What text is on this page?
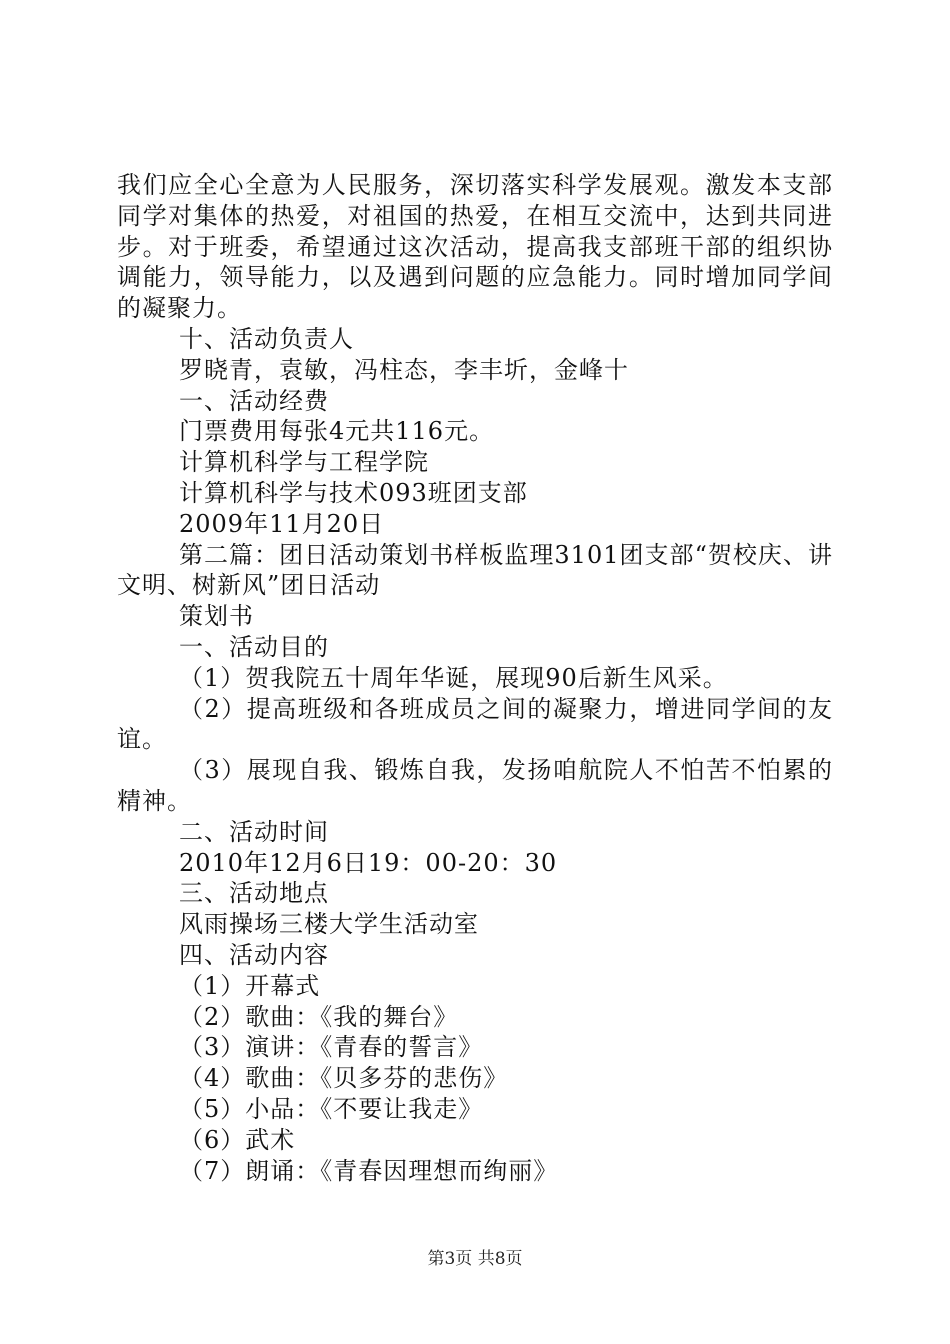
我们应全心全意为人民服务，深切落实科学发展观。激发本支部同学对集体的热爱，对祖国的热爱，在相互交流中，达到共同进步。对于班委，希望通过这次活动，提高我支部班干部的组织协调能力，领导能力，以及遇到问题的应急能力。同时增加同学间的凝聚力。

十、活动负责人

罗晓青，袁敏，冯柱态，李丰圻，金峰十

一、活动经费

门票费用每张4元共116元。

计算机科学与工程学院

计算机科学与技术093班团支部

2009年11月20日

第二篇：团日活动策划书样板监理3101团支部“贺校庆、讲文明、树新风”团日活动

策划书

一、活动目的

（1）贺我院五十周年华诞，展现90后新生风采。

（2）提高班级和各班成员之间的凝聚力，增进同学间的友谊。

（3）展现自我、锻炼自我，发扬咱航院人不怕苦不怕累的精神。

二、活动时间

2010年12月6日19：00-20：30

三、活动地点

风雨操场三楼大学生活动室

四、活动内容

（1）开幕式

（2）歌曲：《我的舞台》

（3）演讲：《青春的誓言》

（4）歌曲：《贝多芬的悲伤》

（5）小品：《不要让我走》

（6）武术

（7）朗诵：《青春因理想而绚丽》

第3页 共8页
